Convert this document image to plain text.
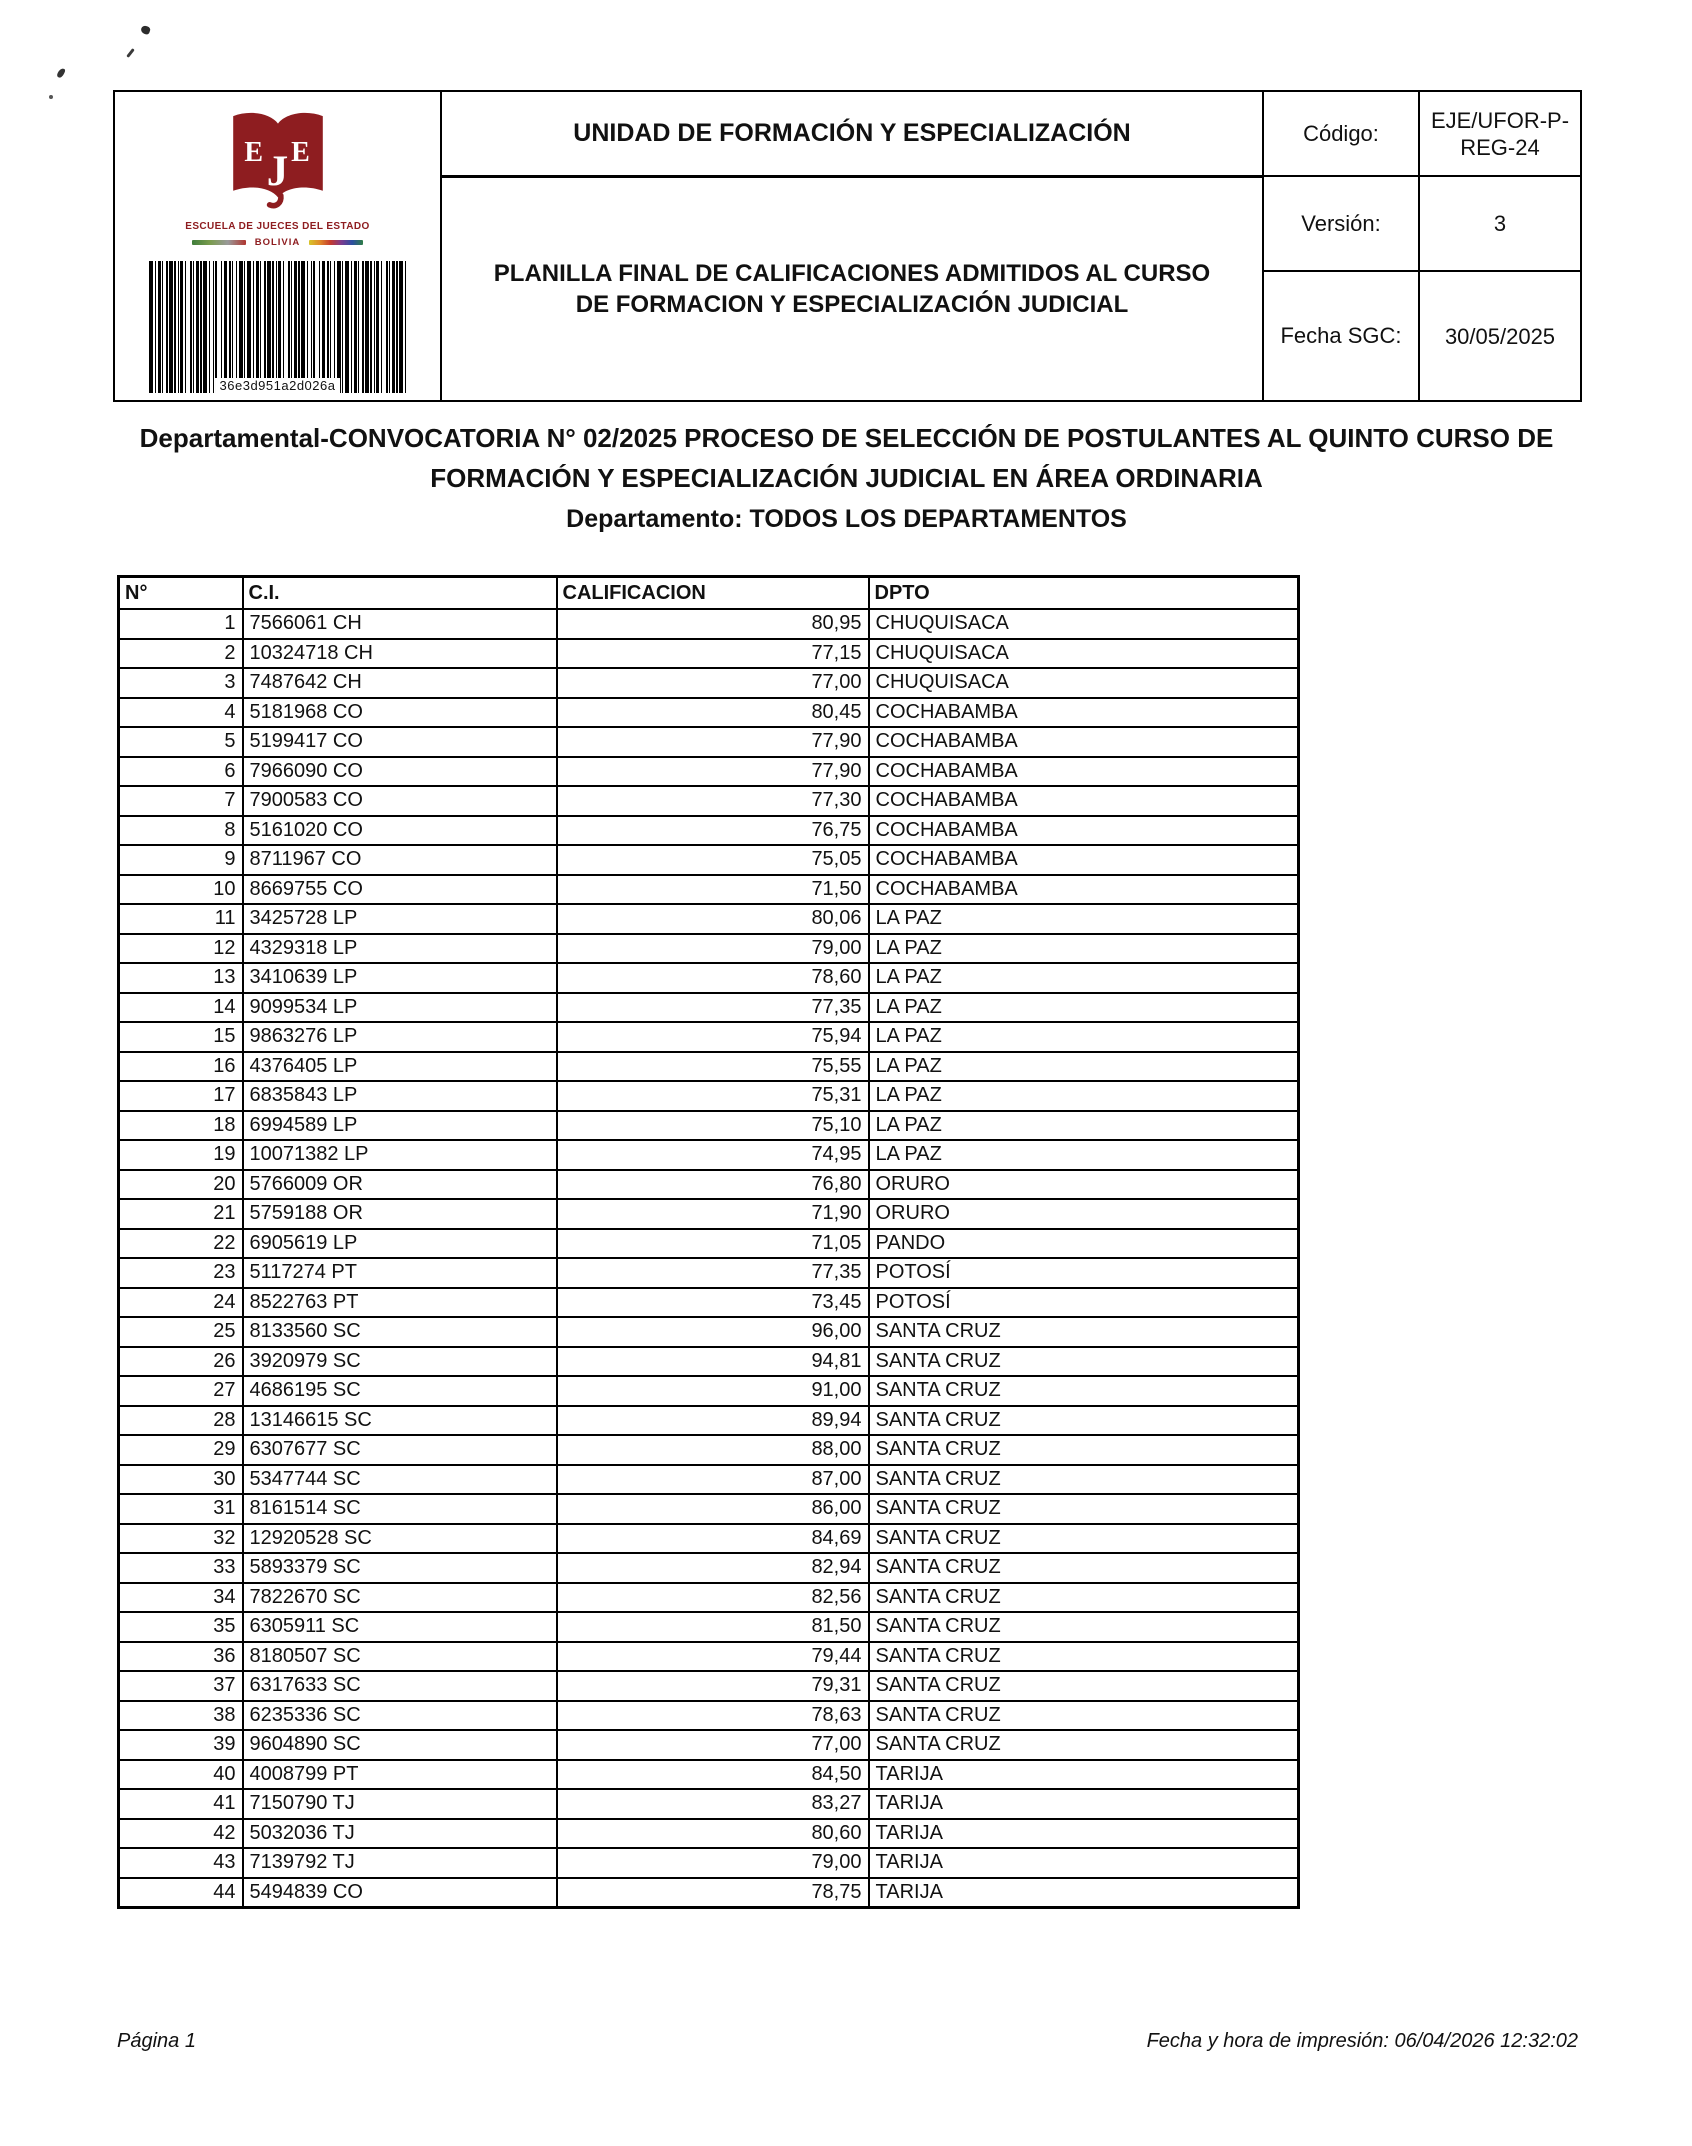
E E
J
ESCUELA DE JUECES DEL ESTADO
BOLIVIA
36e3d951a2d026a
	UNIDAD DE FORMACIÓN Y ESPECIALIZACIÓN	Código:	EJE/UFOR-P-REG-24

	PLANILLA FINAL DE CALIFICACIONES ADMITIDOS AL CURSO
DE FORMACION Y ESPECIALIZACIÓN JUDICIAL	Versión:	3
		Fecha SGC:	30/05/2025
Departamental-CONVOCATORIA N° 02/2025 PROCESO DE SELECCIÓN DE POSTULANTES AL QUINTO CURSO DE
FORMACIÓN Y ESPECIALIZACIÓN JUDICIAL EN ÁREA ORDINARIA
Departamento: TODOS LOS DEPARTAMENTOS
N°	C.I.	CALIFICACION	DPTO
1	7566061 CH	80,95	CHUQUISACA
2	10324718 CH	77,15	CHUQUISACA
3	7487642 CH	77,00	CHUQUISACA
4	5181968 CO	80,45	COCHABAMBA
5	5199417 CO	77,90	COCHABAMBA
6	7966090 CO	77,90	COCHABAMBA
7	7900583 CO	77,30	COCHABAMBA
8	5161020 CO	76,75	COCHABAMBA
9	8711967 CO	75,05	COCHABAMBA
10	8669755 CO	71,50	COCHABAMBA
11	3425728 LP	80,06	LA PAZ
12	4329318 LP	79,00	LA PAZ
13	3410639 LP	78,60	LA PAZ
14	9099534 LP	77,35	LA PAZ
15	9863276 LP	75,94	LA PAZ
16	4376405 LP	75,55	LA PAZ
17	6835843 LP	75,31	LA PAZ
18	6994589 LP	75,10	LA PAZ
19	10071382 LP	74,95	LA PAZ
20	5766009 OR	76,80	ORURO
21	5759188 OR	71,90	ORURO
22	6905619 LP	71,05	PANDO
23	5117274 PT	77,35	POTOSÍ
24	8522763 PT	73,45	POTOSÍ
25	8133560 SC	96,00	SANTA CRUZ
26	3920979 SC	94,81	SANTA CRUZ
27	4686195 SC	91,00	SANTA CRUZ
28	13146615 SC	89,94	SANTA CRUZ
29	6307677 SC	88,00	SANTA CRUZ
30	5347744 SC	87,00	SANTA CRUZ
31	8161514 SC	86,00	SANTA CRUZ
32	12920528 SC	84,69	SANTA CRUZ
33	5893379 SC	82,94	SANTA CRUZ
34	7822670 SC	82,56	SANTA CRUZ
35	6305911 SC	81,50	SANTA CRUZ
36	8180507 SC	79,44	SANTA CRUZ
37	6317633 SC	79,31	SANTA CRUZ
38	6235336 SC	78,63	SANTA CRUZ
39	9604890 SC	77,00	SANTA CRUZ
40	4008799 PT	84,50	TARIJA
41	7150790 TJ	83,27	TARIJA
42	5032036 TJ	80,60	TARIJA
43	7139792 TJ	79,00	TARIJA
44	5494839 CO	78,75	TARIJA
Página 1	Fecha y hora de impresión: 06/04/2026 12:32:02
